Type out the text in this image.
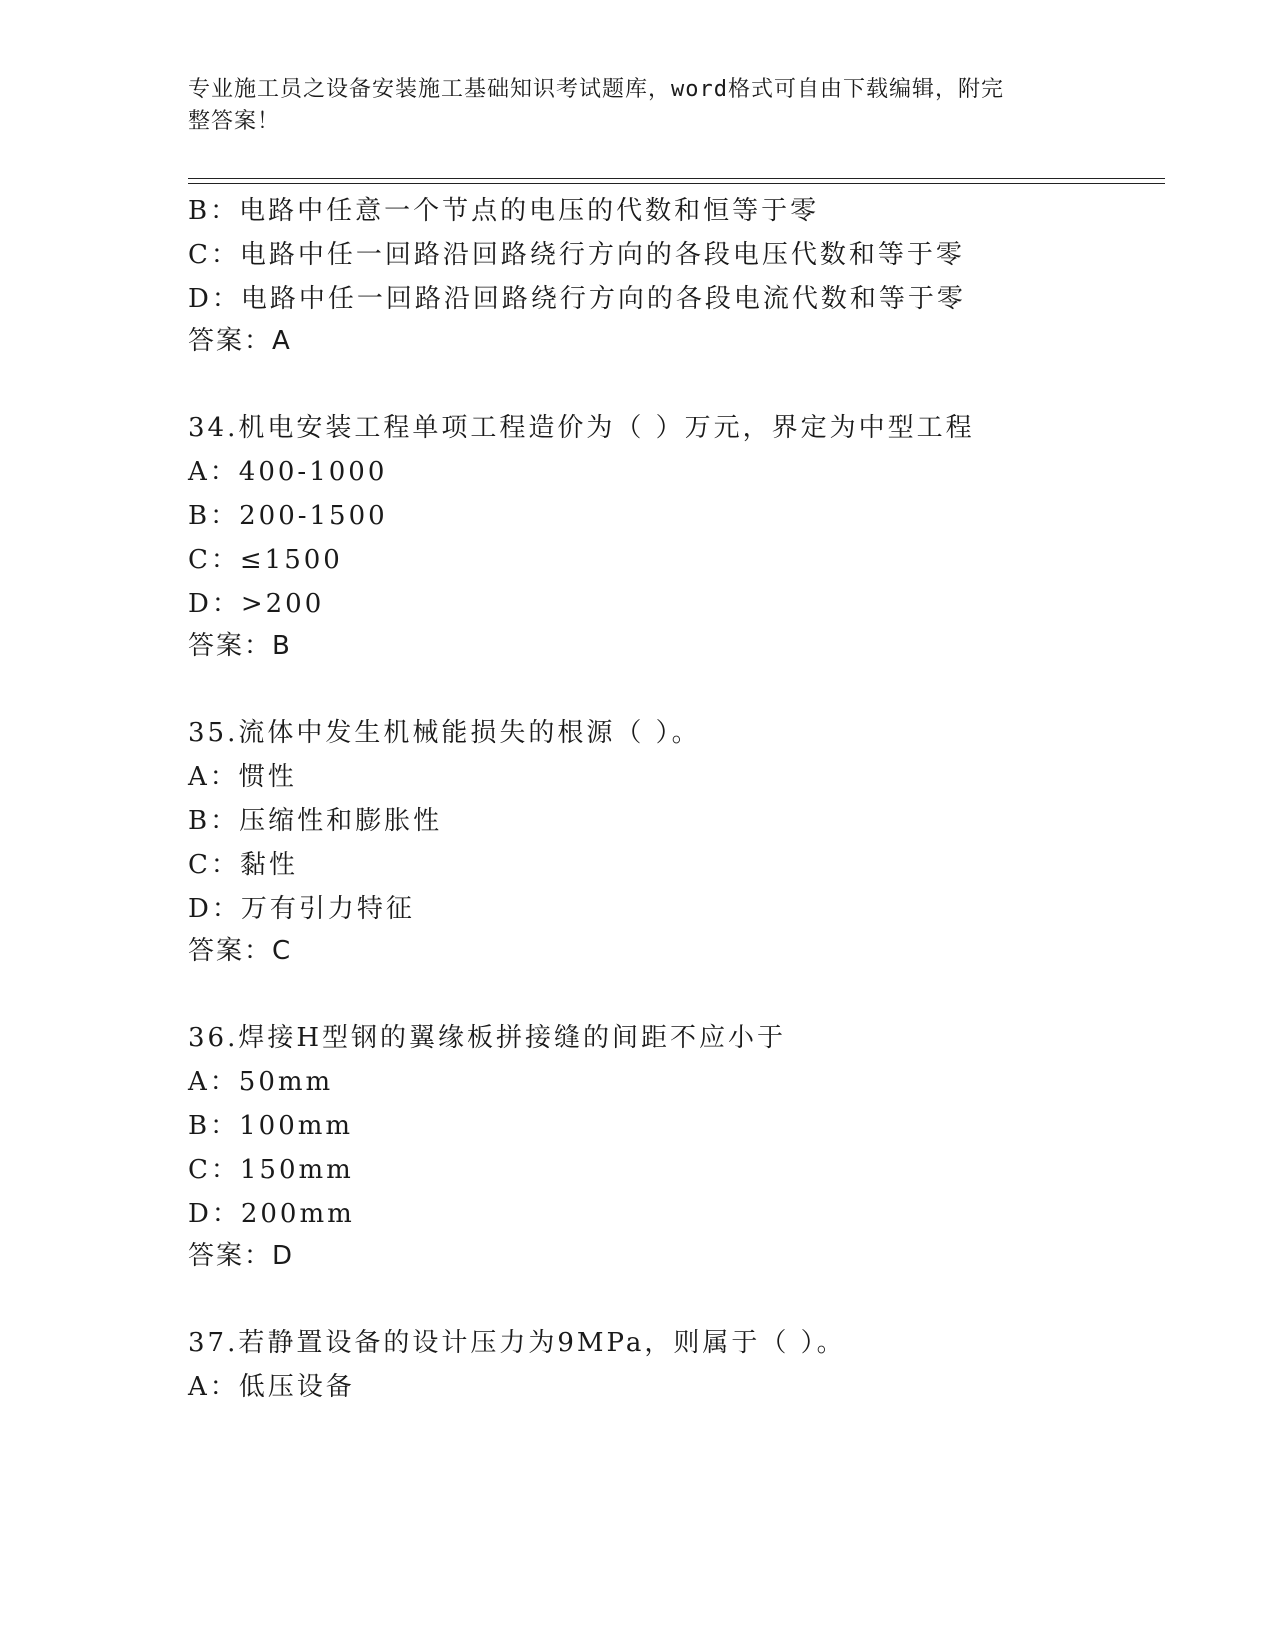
专业施工员之设备安装施工基础知识考试题库，word格式可自由下载编辑，附完
整答案！
B：电路中任意一个节点的电压的代数和恒等于零
C：电路中任一回路沿回路绕行方向的各段电压代数和等于零
D：电路中任一回路沿回路绕行方向的各段电流代数和等于零
答案：A
34.机电安装工程单项工程造价为（ ）万元，界定为中型工程
A：400-1000
B：200-1500
C：≤1500
D：>200
答案：B
35.流体中发生机械能损失的根源（ ）。
A：惯性
B：压缩性和膨胀性
C：黏性
D：万有引力特征
答案：C
36.焊接H型钢的翼缘板拼接缝的间距不应小于
A：50mm
B：100mm
C：150mm
D：200mm
答案：D
37.若静置设备的设计压力为9MPa，则属于（ ）。
A：低压设备
